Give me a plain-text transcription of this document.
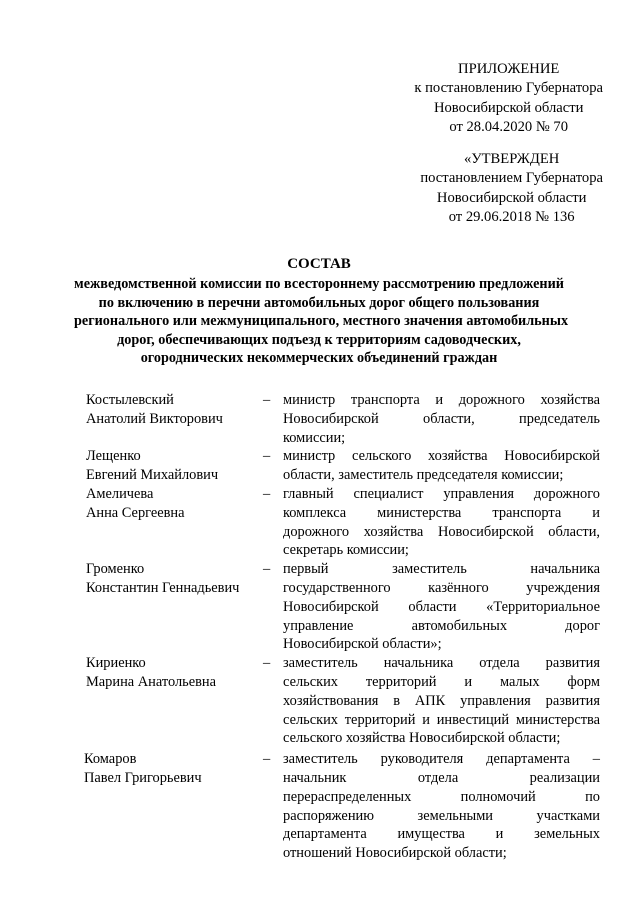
ПРИЛОЖЕНИЕ
к постановлению Губернатора
Новосибирской области
от 28.04.2020 № 70
«УТВЕРЖДЕН
постановлением Губернатора
Новосибирской области
от 29.06.2018 № 136
СОСТАВ
межведомственной комиссии по всестороннему рассмотрению предложений
по включению в перечни автомобильных дорог общего пользования
регионального или межмуниципального, местного значения автомобильных
дорог, обеспечивающих подъезд к территориям садоводческих,
огороднических некоммерческих объединений граждан
Костылевский
Анатолий Викторович
– министр транспорта и дорожного хозяйства
Новосибирской области, председатель
комиссии;
Лещенко
Евгений Михайлович
– министр сельского хозяйства Новосибирской
области, заместитель председателя комиссии;
Амеличева
Анна Сергеевна
– главный специалист управления дорожного
комплекса министерства транспорта и
дорожного хозяйства Новосибирской области,
секретарь комиссии;
Громенко
Константин Геннадьевич
– первый заместитель начальника
государственного казённого учреждения
Новосибирской области «Территориальное
управление автомобильных дорог
Новосибирской области»;
Кириенко
Марина Анатольевна
– заместитель начальника отдела развития
сельских территорий и малых форм
хозяйствования в АПК управления развития
сельских территорий и инвестиций министерства
сельского хозяйства Новосибирской области;
Комаров
Павел Григорьевич
– заместитель руководителя департамента –
начальник отдела реализации
перераспределенных полномочий по
распоряжению земельными участками
департамента имущества и земельных
отношений Новосибирской области;
